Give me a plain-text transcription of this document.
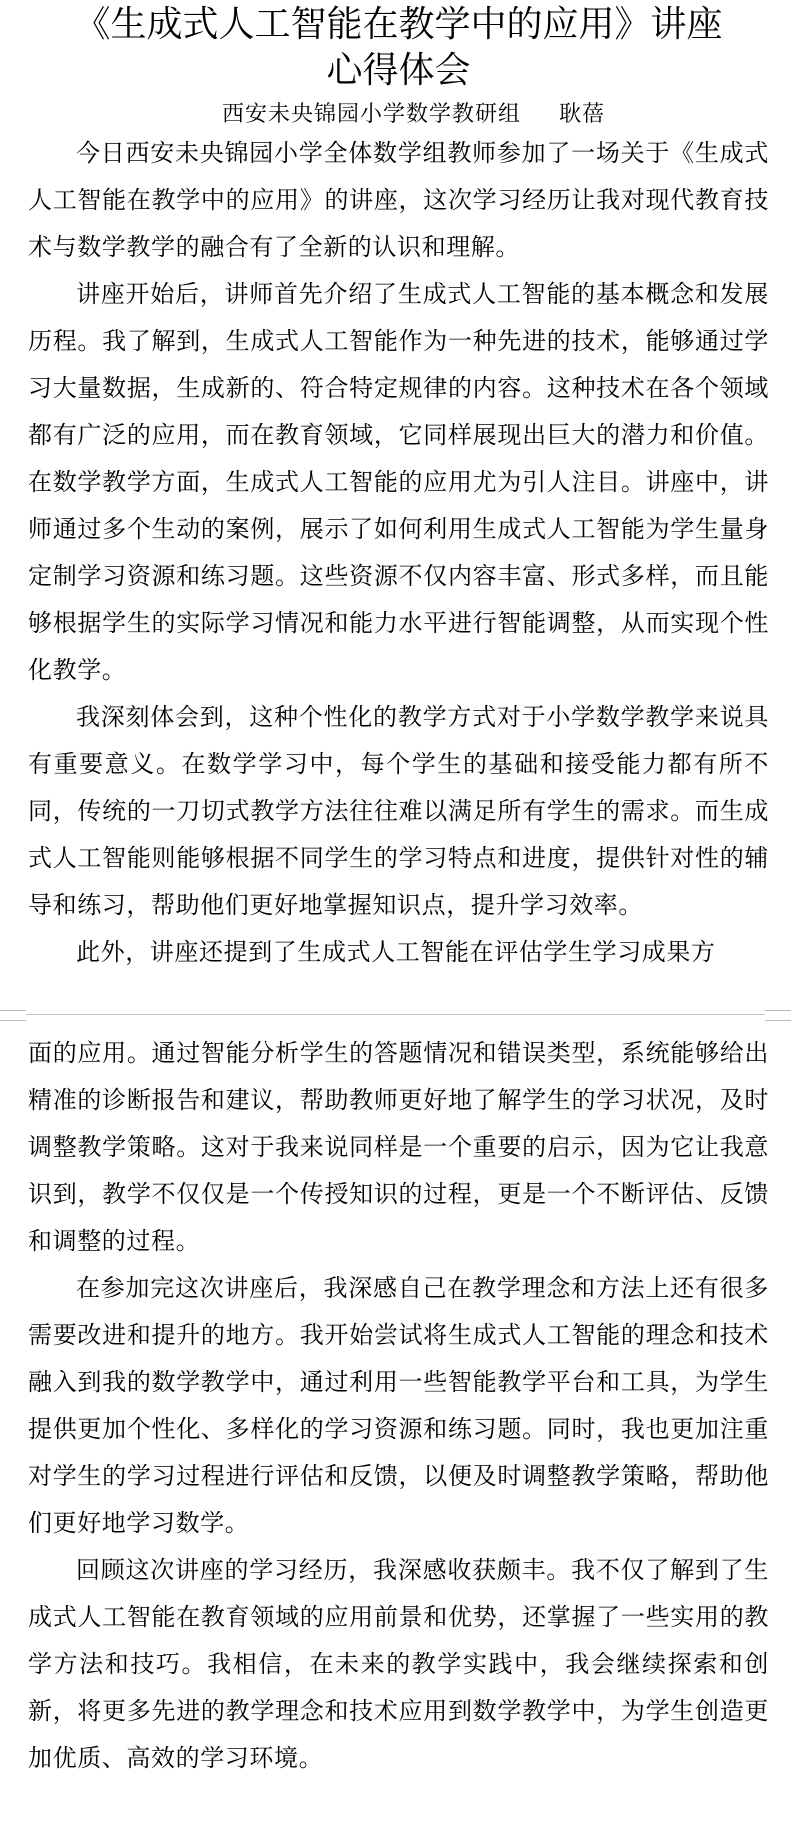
《生成式人工智能在教学中的应用》讲座
心得体会
西安未央锦园小学数学教研组 耿蓓

今日西安未央锦园小学全体数学组教师参加了一场关于《生成式人工智能在教学中的应用》的讲座，这次学习经历让我对现代教育技术与数学教学的融合有了全新的认识和理解。

讲座开始后，讲师首先介绍了生成式人工智能的基本概念和发展历程。我了解到，生成式人工智能作为一种先进的技术，能够通过学习大量数据，生成新的、符合特定规律的内容。这种技术在各个领域都有广泛的应用，而在教育领域，它同样展现出巨大的潜力和价值。在数学教学方面，生成式人工智能的应用尤为引人注目。讲座中，讲师通过多个生动的案例，展示了如何利用生成式人工智能为学生量身定制学习资源和练习题。这些资源不仅内容丰富、形式多样，而且能够根据学生的实际学习情况和能力水平进行智能调整，从而实现个性化教学。

我深刻体会到，这种个性化的教学方式对于小学数学教学来说具有重要意义。在数学学习中，每个学生的基础和接受能力都有所不同，传统的一刀切式教学方法往往难以满足所有学生的需求。而生成式人工智能则能够根据不同学生的学习特点和进度，提供针对性的辅导和练习，帮助他们更好地掌握知识点，提升学习效率。

此外，讲座还提到了生成式人工智能在评估学生学习成果方

面的应用。通过智能分析学生的答题情况和错误类型，系统能够给出精准的诊断报告和建议，帮助教师更好地了解学生的学习状况，及时调整教学策略。这对于我来说同样是一个重要的启示，因为它让我意识到，教学不仅仅是一个传授知识的过程，更是一个不断评估、反馈和调整的过程。

在参加完这次讲座后，我深感自己在教学理念和方法上还有很多需要改进和提升的地方。我开始尝试将生成式人工智能的理念和技术融入到我的数学教学中，通过利用一些智能教学平台和工具，为学生提供更加个性化、多样化的学习资源和练习题。同时，我也更加注重对学生的学习过程进行评估和反馈，以便及时调整教学策略，帮助他们更好地学习数学。

回顾这次讲座的学习经历，我深感收获颇丰。我不仅了解到了生成式人工智能在教育领域的应用前景和优势，还掌握了一些实用的教学方法和技巧。我相信，在未来的教学实践中，我会继续探索和创新，将更多先进的教学理念和技术应用到数学教学中，为学生创造更加优质、高效的学习环境。
